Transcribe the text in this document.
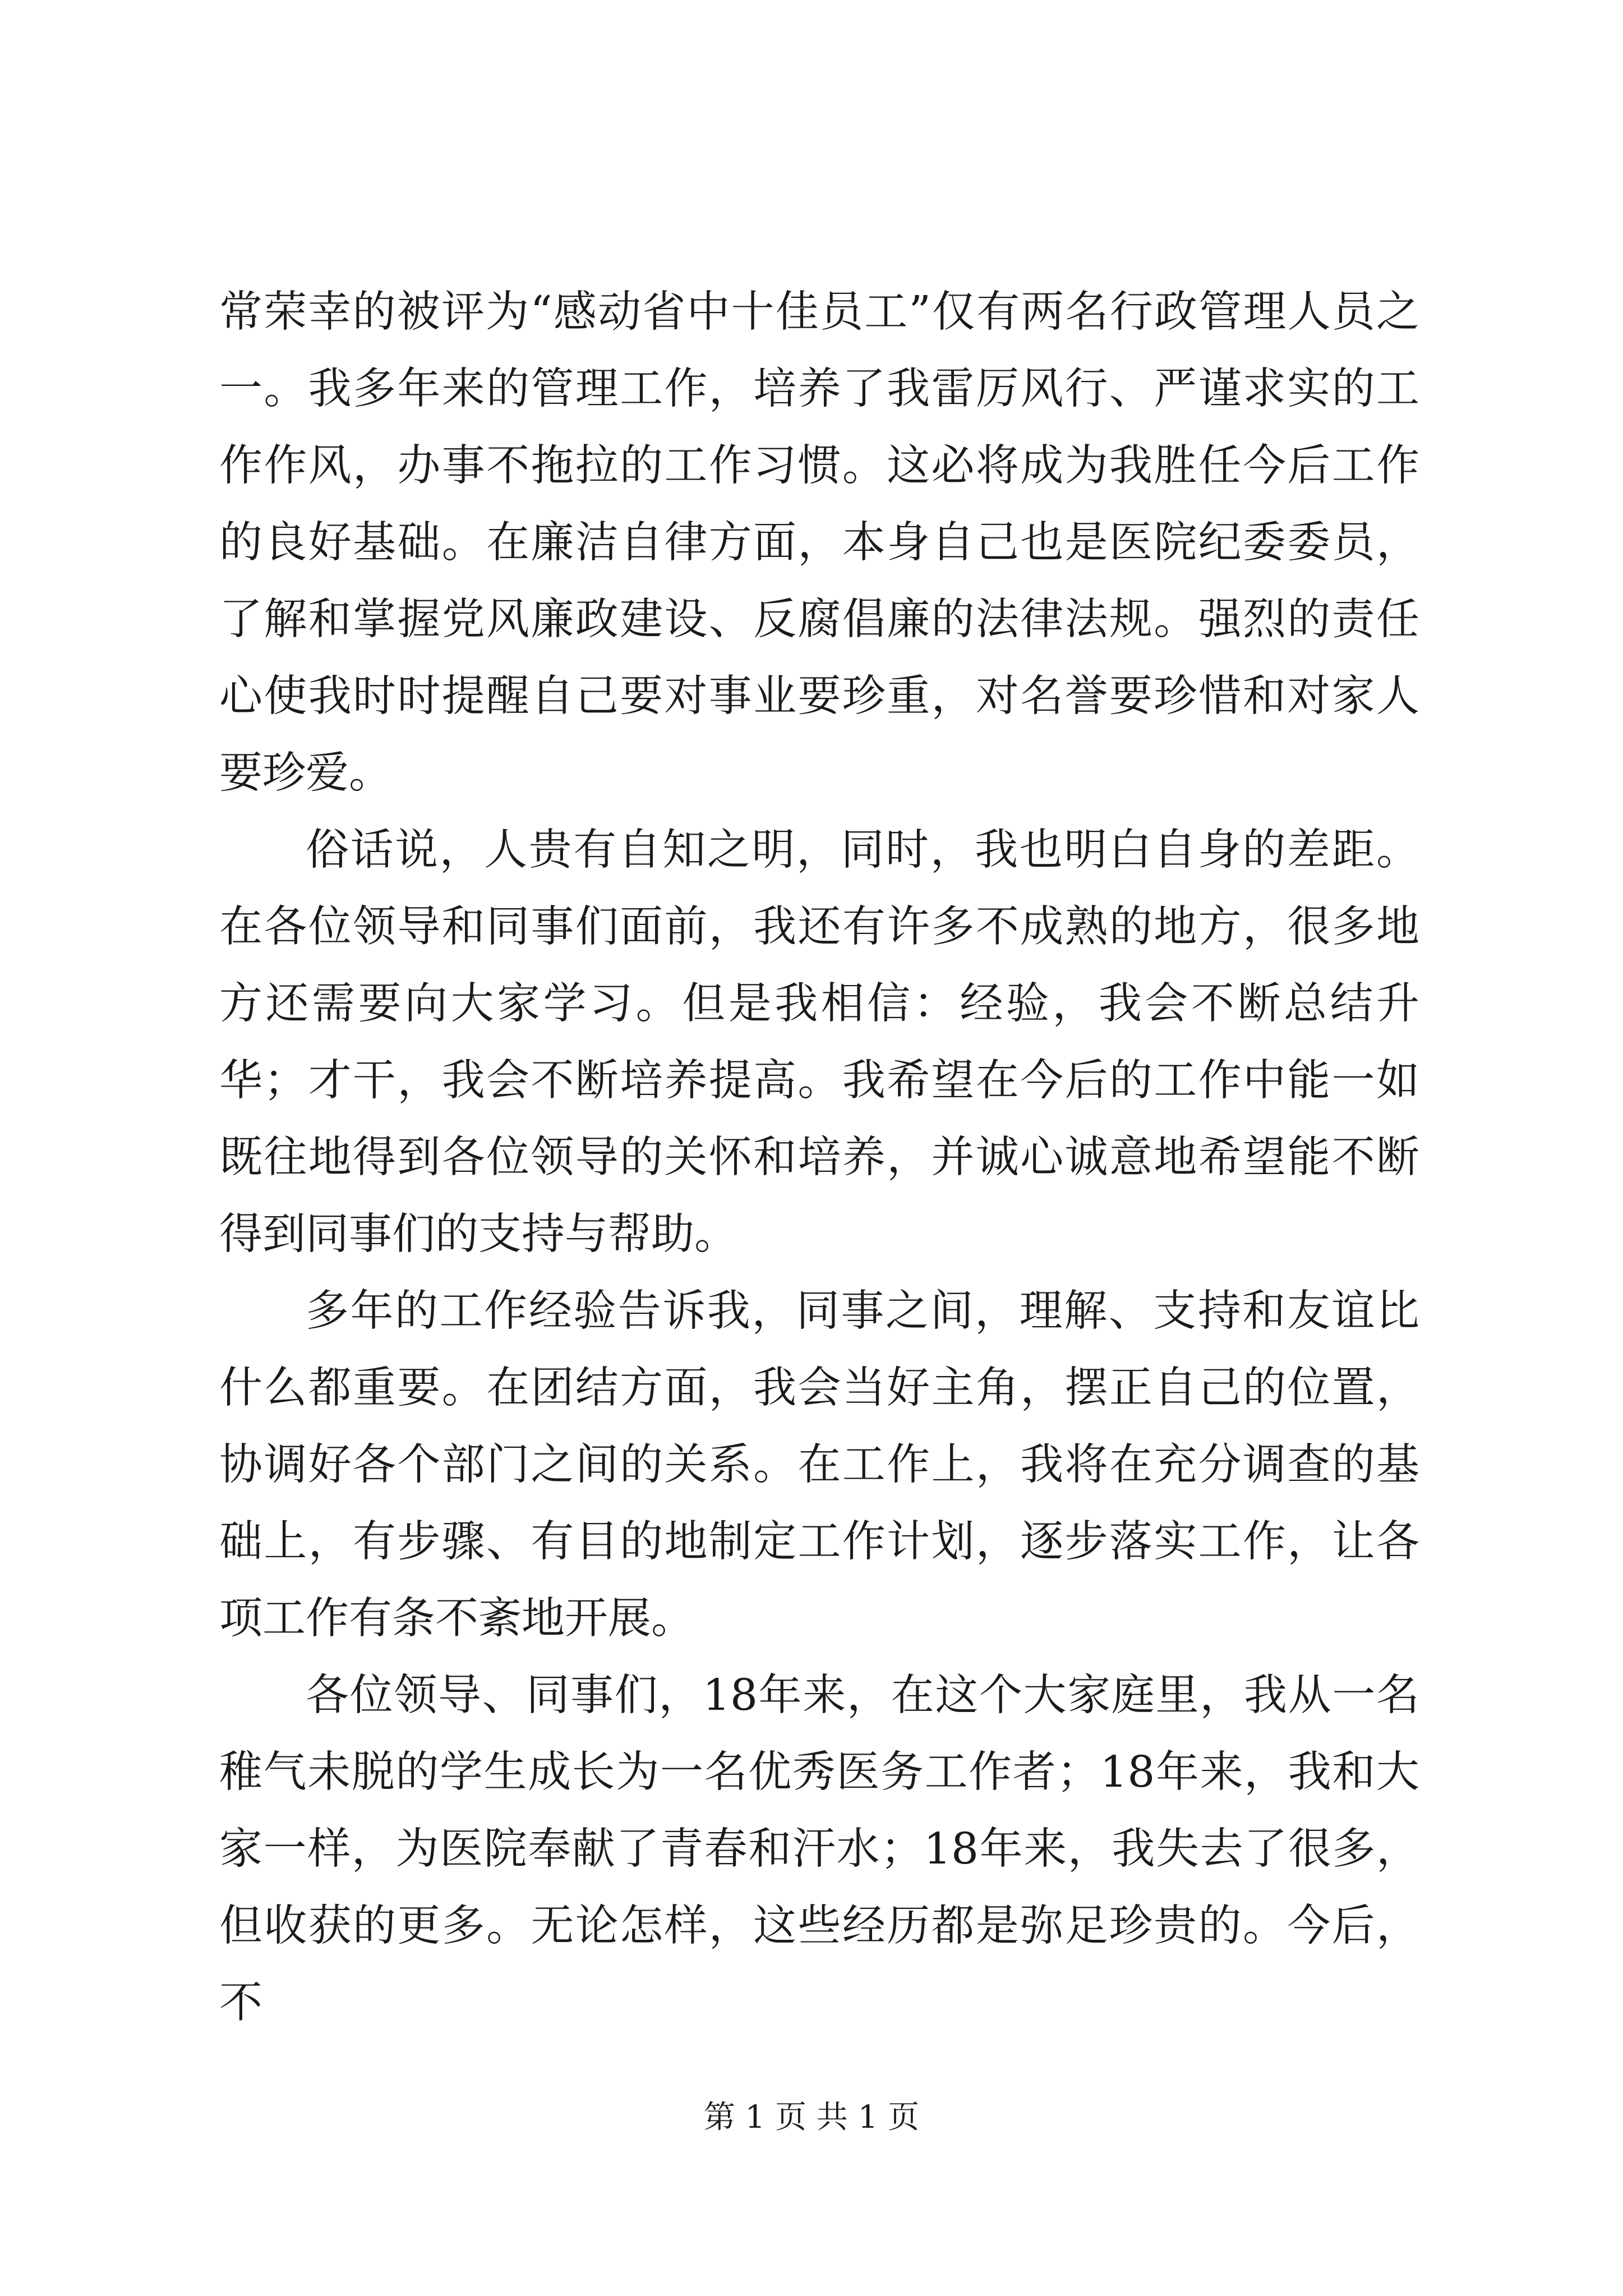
常荣幸的被评为“感动省中十佳员工”仅有两名行政管理人员之一。我多年来的管理工作，培养了我雷厉风行、严谨求实的工作作风，办事不拖拉的工作习惯。这必将成为我胜任今后工作的良好基础。在廉洁自律方面，本身自己也是医院纪委委员，了解和掌握党风廉政建设、反腐倡廉的法律法规。强烈的责任心使我时时提醒自己要对事业要珍重，对名誉要珍惜和对家人要珍爱。

俗话说，人贵有自知之明，同时，我也明白自身的差距。在各位领导和同事们面前，我还有许多不成熟的地方，很多地方还需要向大家学习。但是我相信：经验，我会不断总结升华；才干，我会不断培养提高。我希望在今后的工作中能一如既往地得到各位领导的关怀和培养，并诚心诚意地希望能不断得到同事们的支持与帮助。

多年的工作经验告诉我，同事之间，理解、支持和友谊比什么都重要。在团结方面，我会当好主角，摆正自己的位置，协调好各个部门之间的关系。在工作上，我将在充分调查的基础上，有步骤、有目的地制定工作计划，逐步落实工作，让各项工作有条不紊地开展。

各位领导、同事们，18年来，在这个大家庭里，我从一名稚气未脱的学生成长为一名优秀医务工作者；18年来，我和大家一样，为医院奉献了青春和汗水；18年来，我失去了很多，但收获的更多。无论怎样，这些经历都是弥足珍贵的。今后，不

第 1 页 共 1 页
